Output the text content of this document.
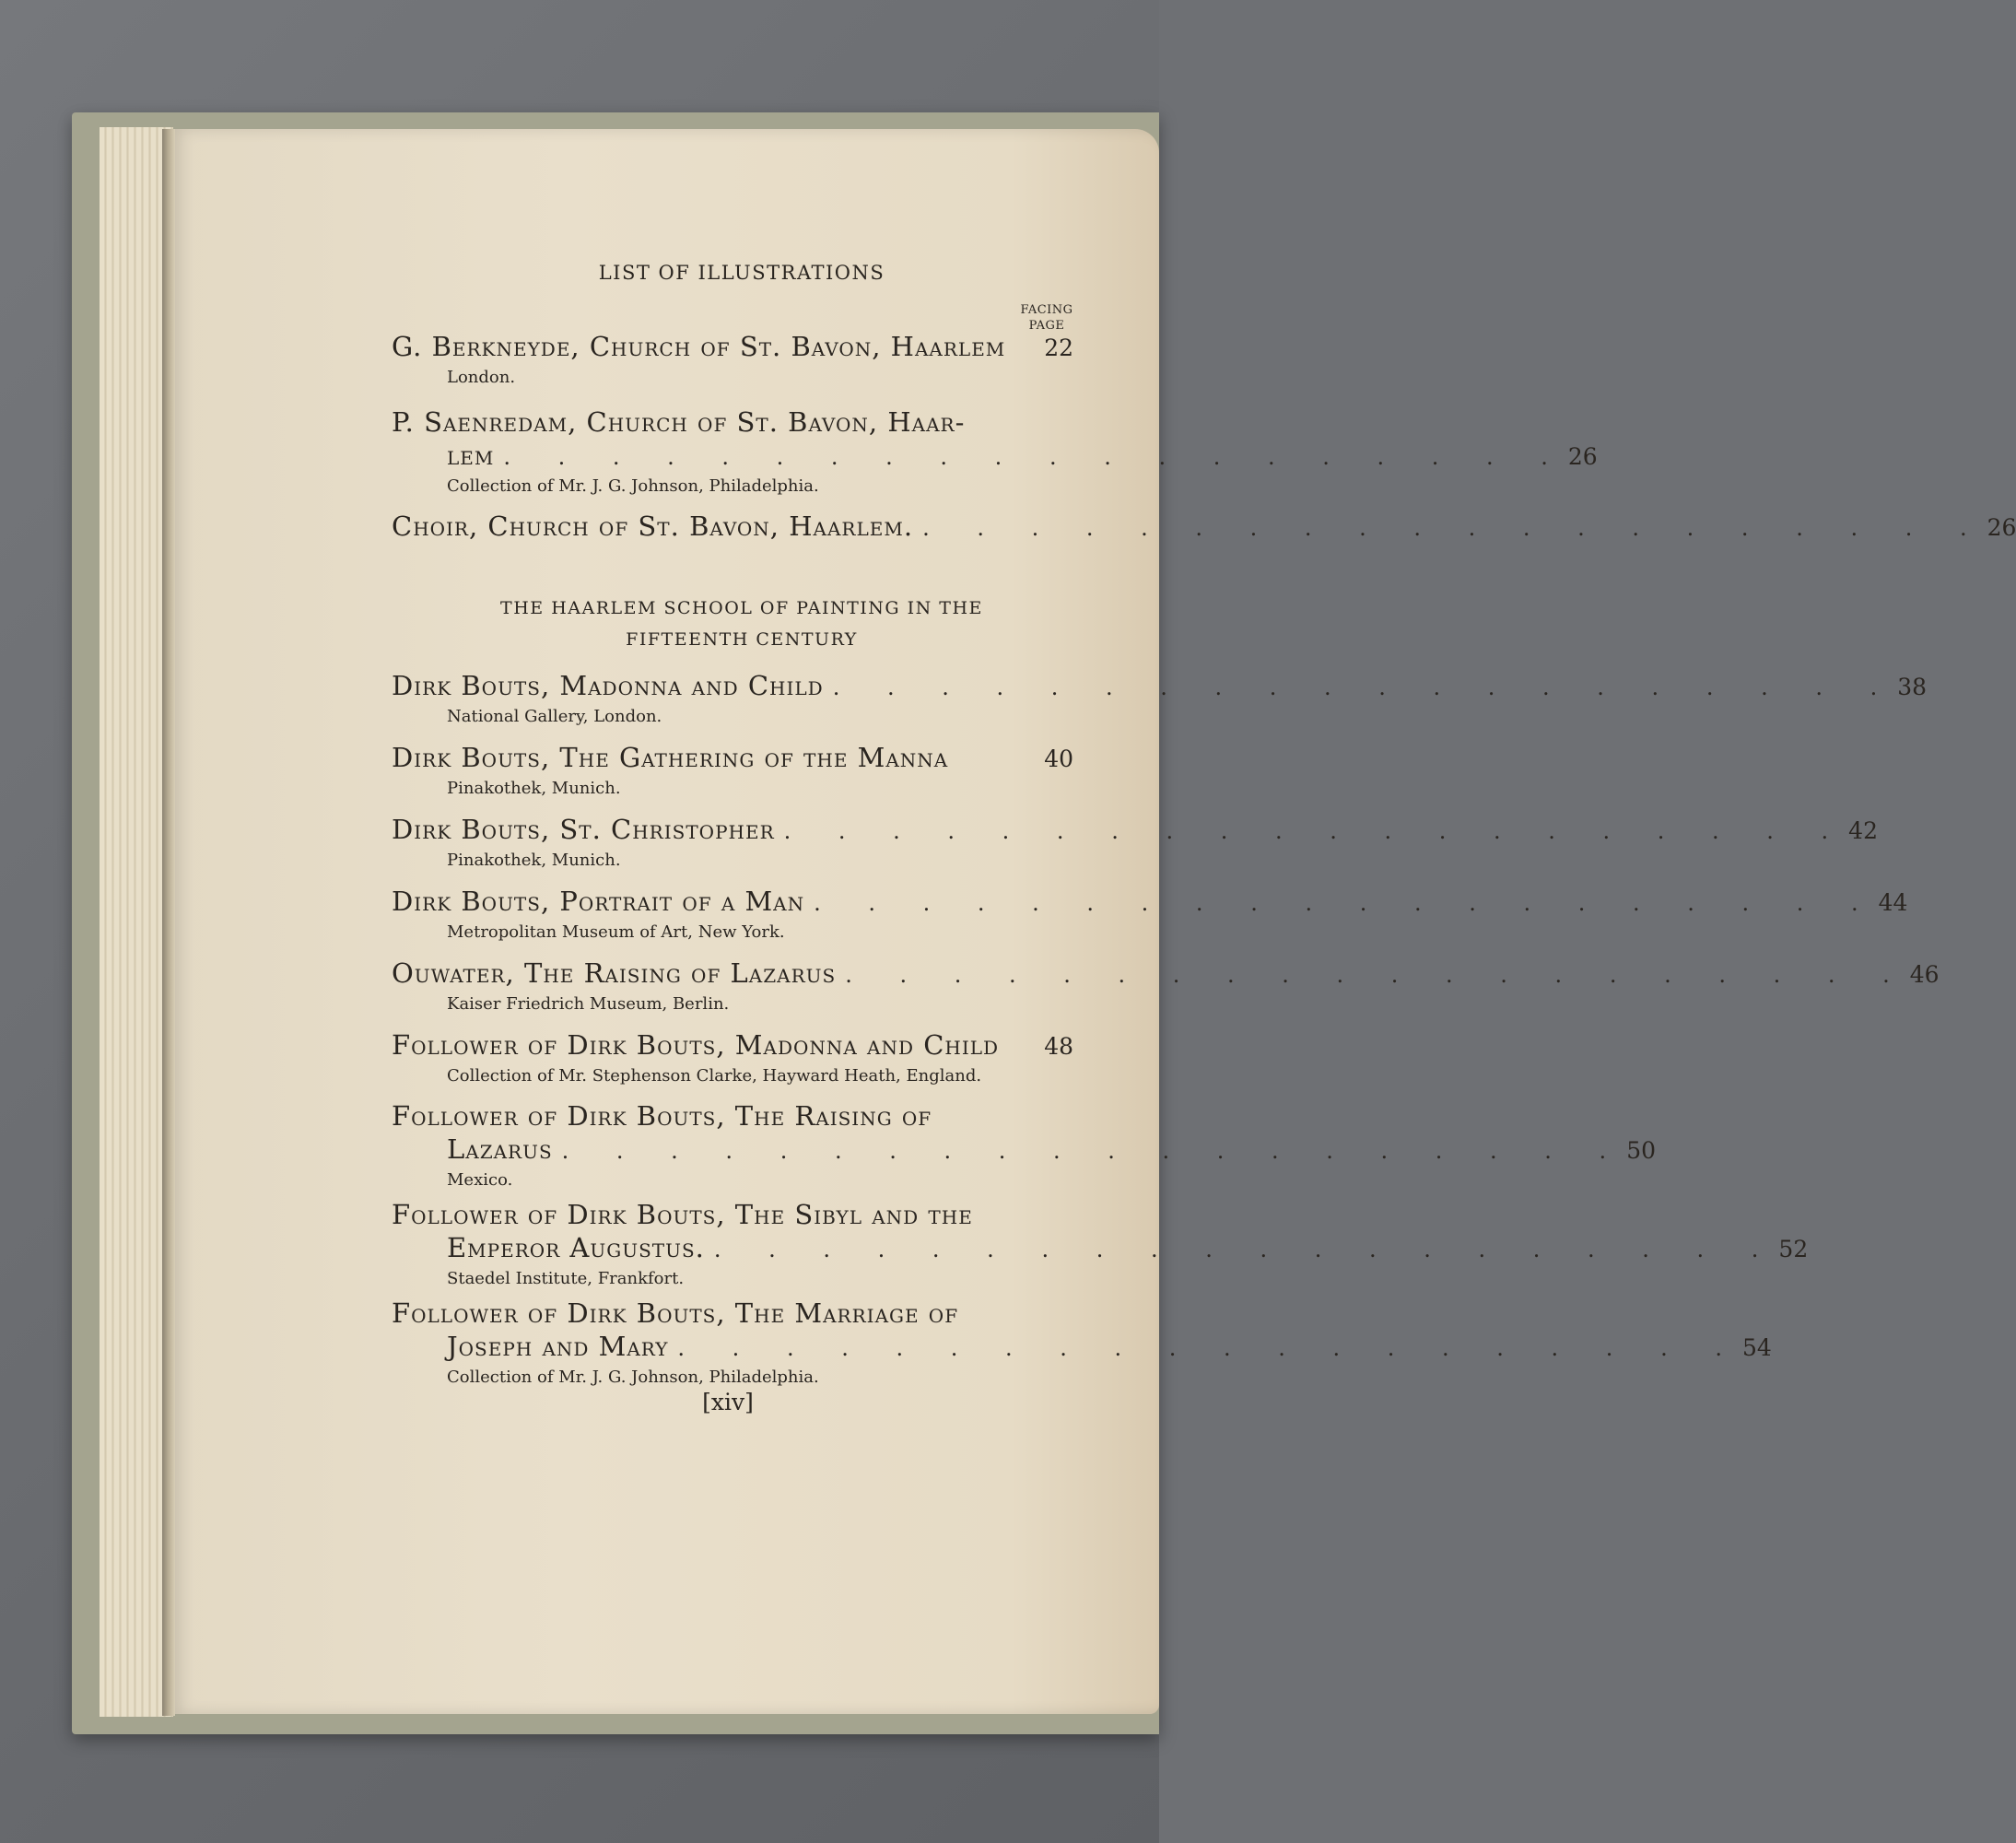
LIST OF ILLUSTRATIONS
FACING
PAGE
G. Berkneyde, Church of St. Bavon, Haarlem	22
London.
P. Saenredam, Church of St. Bavon, Haar-
lem . . . . . . . . . . . . . . . . . . . . 26
Collection of Mr. J. G. Johnson, Philadelphia.
Choir, Church of St. Bavon, Haarlem. . . . . . . . . . . . . . . . . . . . . 26
THE HAARLEM SCHOOL OF PAINTING IN THE
FIFTEENTH CENTURY
Dirk Bouts, Madonna and Child . . . . . . . . . . . . . . . . . . . . 38
National Gallery, London.
Dirk Bouts, The Gathering of the Manna	40
Pinakothek, Munich.
Dirk Bouts, St. Christopher . . . . . . . . . . . . . . . . . . . . 42
Pinakothek, Munich.
Dirk Bouts, Portrait of a Man . . . . . . . . . . . . . . . . . . . . 44
Metropolitan Museum of Art, New York.
Ouwater, The Raising of Lazarus . . . . . . . . . . . . . . . . . . . . 46
Kaiser Friedrich Museum, Berlin.
Follower of Dirk Bouts, Madonna and Child	48
Collection of Mr. Stephenson Clarke, Hayward Heath, England.
Follower of Dirk Bouts, The Raising of
Lazarus . . . . . . . . . . . . . . . . . . . . 50
Mexico.
Follower of Dirk Bouts, The Sibyl and the
Emperor Augustus. . . . . . . . . . . . . . . . . . . . . 52
Staedel Institute, Frankfort.
Follower of Dirk Bouts, The Marriage of
Joseph and Mary . . . . . . . . . . . . . . . . . . . . 54
Collection of Mr. J. G. Johnson, Philadelphia.
[xiv]
